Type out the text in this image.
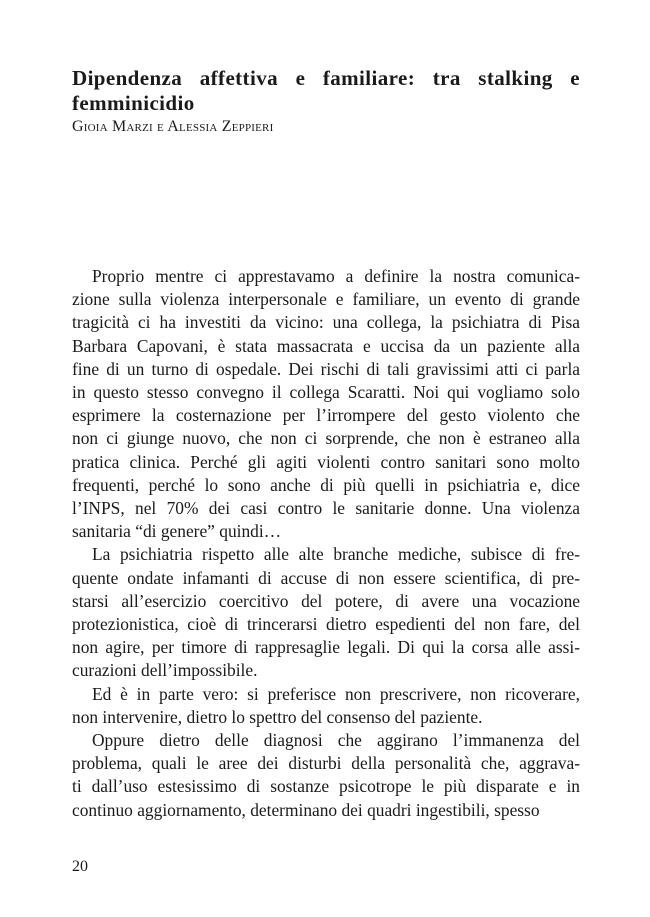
Dipendenza affettiva e familiare: tra stalking e
femminicidio
Gioia Marzi e Alessia Zeppieri

Proprio mentre ci apprestavamo a definire la nostra comunica-
zione sulla violenza interpersonale e familiare, un evento di grande
tragicità ci ha investiti da vicino: una collega, la psichiatra di Pisa
Barbara Capovani, è stata massacrata e uccisa da un paziente alla
fine di un turno di ospedale. Dei rischi di tali gravissimi atti ci parla
in questo stesso convegno il collega Scaratti. Noi qui vogliamo solo
esprimere la costernazione per l’irrompere del gesto violento che
non ci giunge nuovo, che non ci sorprende, che non è estraneo alla
pratica clinica. Perché gli agiti violenti contro sanitari sono molto
frequenti, perché lo sono anche di più quelli in psichiatria e, dice
l’INPS, nel 70% dei casi contro le sanitarie donne. Una violenza
sanitaria “di genere” quindi…

La psichiatria rispetto alle alte branche mediche, subisce di fre-
quente ondate infamanti di accuse di non essere scientifica, di pre-
starsi all’esercizio coercitivo del potere, di avere una vocazione
protezionistica, cioè di trincerarsi dietro espedienti del non fare, del
non agire, per timore di rappresaglie legali. Di qui la corsa alle assi-
curazioni dell’impossibile.

Ed è in parte vero: si preferisce non prescrivere, non ricoverare,
non intervenire, dietro lo spettro del consenso del paziente.

Oppure dietro delle diagnosi che aggirano l’immanenza del
problema, quali le aree dei disturbi della personalità che, aggrava-
ti dall’uso estesissimo di sostanze psicotrope le più disparate e in
continuo aggiornamento, determinano dei quadri ingestibili, spesso

20
